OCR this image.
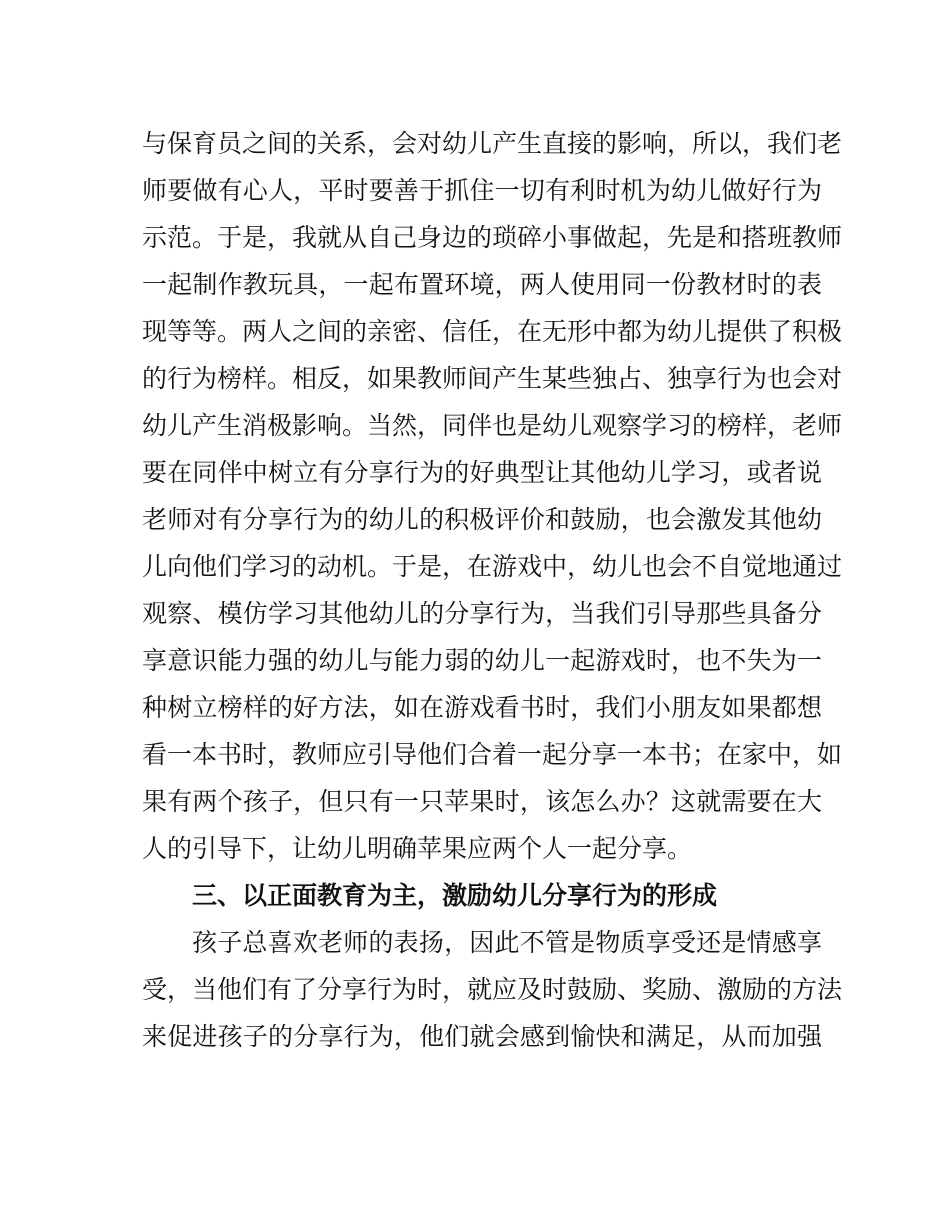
与保育员之间的关系，会对幼儿产生直接的影响，所以，我们老
师要做有心人，平时要善于抓住一切有利时机为幼儿做好行为
示范。于是，我就从自己身边的琐碎小事做起，先是和搭班教师
一起制作教玩具，一起布置环境，两人使用同一份教材时的表
现等等。两人之间的亲密、信任，在无形中都为幼儿提供了积极
的行为榜样。相反，如果教师间产生某些独占、独享行为也会对
幼儿产生消极影响。当然，同伴也是幼儿观察学习的榜样，老师
要在同伴中树立有分享行为的好典型让其他幼儿学习，或者说
老师对有分享行为的幼儿的积极评价和鼓励，也会激发其他幼
儿向他们学习的动机。于是，在游戏中，幼儿也会不自觉地通过
观察、模仿学习其他幼儿的分享行为，当我们引导那些具备分
享意识能力强的幼儿与能力弱的幼儿一起游戏时，也不失为一
种树立榜样的好方法，如在游戏看书时，我们小朋友如果都想
看一本书时，教师应引导他们合着一起分享一本书；在家中，如
果有两个孩子，但只有一只苹果时，该怎么办？这就需要在大
人的引导下，让幼儿明确苹果应两个人一起分享。
三、以正面教育为主，激励幼儿分享行为的形成
孩子总喜欢老师的表扬，因此不管是物质享受还是情感享
受，当他们有了分享行为时，就应及时鼓励、奖励、激励的方法
来促进孩子的分享行为，他们就会感到愉快和满足，从而加强
